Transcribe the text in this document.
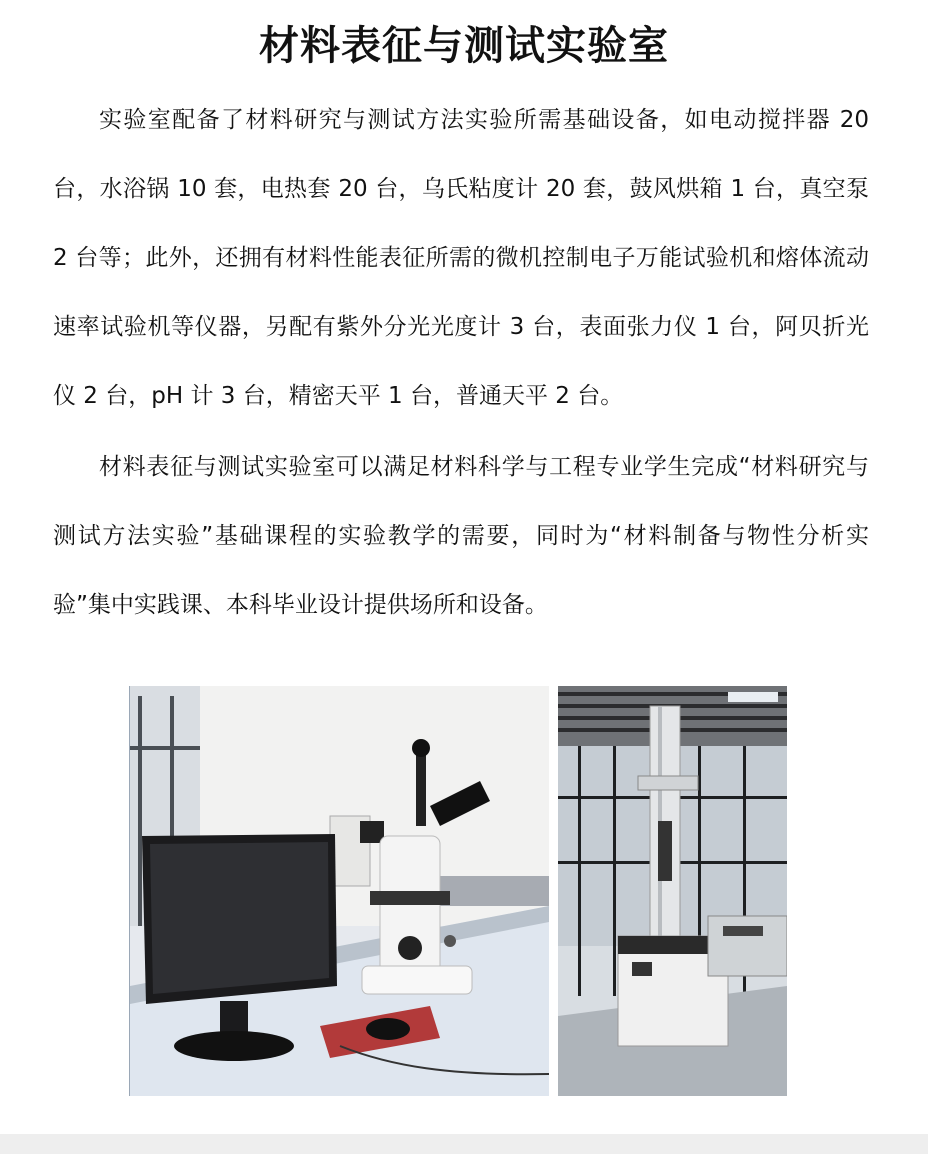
材料表征与测试实验室

实验室配备了材料研究与测试方法实验所需基础设备，如电动搅拌器 20 台，水浴锅 10 套，电热套 20 台，乌氏粘度计 20 套，鼓风烘箱 1 台，真空泵 2 台等；此外，还拥有材料性能表征所需的微机控制电子万能试验机和熔体流动速率试验机等仪器，另配有紫外分光光度计 3 台，表面张力仪 1 台，阿贝折光仪 2 台，pH 计 3 台，精密天平 1 台，普通天平 2 台。

材料表征与测试实验室可以满足材料科学与工程专业学生完成“材料研究与测试方法实验”基础课程的实验教学的需要，同时为“材料制备与物性分析实验”集中实践课、本科毕业设计提供场所和设备。
